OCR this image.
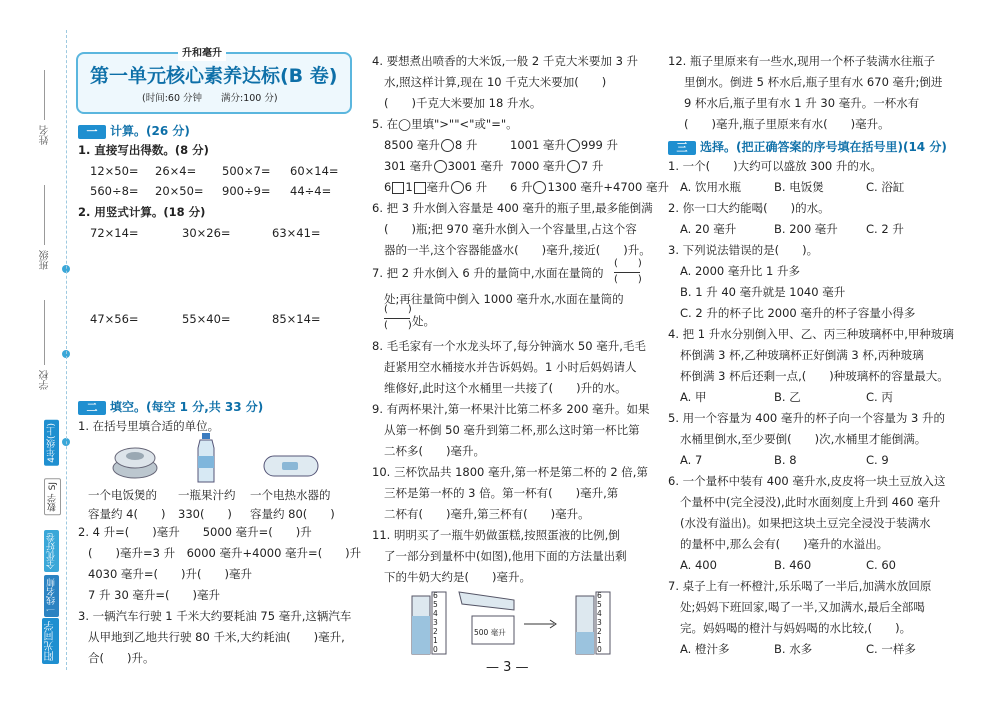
姓名
班级
学校
4年级(上)
数学 SJ
全优好卷
一线名师
阳光同学
升和毫升
第一单元核心素养达标(B 卷)
(时间:60 分钟　　满分:100 分)
一 计算。(26 分)
1. 直接写出得数。(8 分)
12×50= 26×4= 500×7= 60×14=
560÷8= 20×50= 900÷9= 44÷4=
2. 用竖式计算。(18 分)
72×14=	30×26=	63×41=
47×56=	55×40=	85×14=
二 填空。(每空 1 分,共 33 分)
1. 在括号里填合适的单位。
一个电饭煲的
容量约 4(　　)
一瓶果汁约
330(　　)
一个电热水器的
容量约 80(　　)
2. 4 升=(　　)毫升　　5000 毫升=(　　)升
(　　)毫升=3 升　6000 毫升+4000 毫升=(　　)升
4030 毫升=(　　)升(　　)毫升
7 升 30 毫升=(　　)毫升
3. 一辆汽车行驶 1 千米大约要耗油 75 毫升,这辆汽车
从甲地到乙地共行驶 80 千米,大约耗油(　　)毫升,
合(　　)升。
4. 要想煮出喷香的大米饭,一般 2 千克大米要加 3 升
水,照这样计算,现在 10 千克大米要加(　　)
(　　)千克大米要加 18 升水。
5. 在◯里填">""<"或"="。
8500 毫升 8 升	1001 毫升 999 升
301 毫升 3001 毫升 7000 毫升 7 升
6 1 毫升 6 升 6 升 1300 毫升+4700 毫升
6. 把 3 升水倒入容量是 400 毫升的瓶子里,最多能倒满
(　　)瓶;把 970 毫升水倒入一个容量里,占这个容
器的一半,这个容器能盛水(　　)毫升,接近(　　)升。
7. 把 2 升水倒入 6 升的量筒中,水面在量筒的
(　　)
(　　)
处;再往量筒中倒入 1000 毫升水,水面在量筒的
(　　)
(　　) 处。
8. 毛毛家有一个水龙头坏了,每分钟滴水 50 毫升,毛毛
赶紧用空水桶接水并告诉妈妈。1 小时后妈妈请人
维修好,此时这个水桶里一共接了(　　)升的水。
9. 有两杯果汁,第一杯果汁比第二杯多 200 毫升。如果
从第一杯倒 50 毫升到第二杯,那么这时第一杯比第
二杯多(　　)毫升。
10. 三杯饮品共 1800 毫升,第一杯是第二杯的 2 倍,第
三杯是第一杯的 3 倍。第一杯有(　　)毫升,第
二杯有(　　)毫升,第三杯有(　　)毫升。
11. 明明买了一瓶牛奶做蛋糕,按照蛋液的比例,倒
了一部分到量杯中(如图),他用下面的方法量出剩
下的牛奶大约是(　　)毫升。
6
5
4
3
2
1
0
6
5
4
3
2
1
0
500 毫升
— 3 —
12. 瓶子里原来有一些水,现用一个杯子装满水往瓶子
里倒水。倒进 5 杯水后,瓶子里有水 670 毫升;倒进
9 杯水后,瓶子里有水 1 升 30 毫升。一杯水有
(　　)毫升,瓶子里原来有水(　　)毫升。
三 选择。(把正确答案的序号填在括号里)(14 分)
1. 一个(　　)大约可以盛放 300 升的水。
A. 饮用水瓶	B. 电饭煲	C. 浴缸
2. 你一口大约能喝(　　)的水。
A. 20 毫升	B. 200 毫升 C. 2 升
3. 下列说法错误的是(　　)。
A. 2000 毫升比 1 升多
B. 1 升 40 毫升就是 1040 毫升
C. 2 升的杯子比 2000 毫升的杯子容量小得多
4. 把 1 升水分别倒入甲、乙、丙三种玻璃杯中,甲种玻璃
杯倒满 3 杯,乙种玻璃杯正好倒满 3 杯,丙种玻璃
杯倒满 3 杯后还剩一点,(　　)种玻璃杯的容量最大。
A. 甲	B. 乙	C. 丙
5. 用一个容量为 400 毫升的杯子向一个容量为 3 升的
水桶里倒水,至少要倒(　　)次,水桶里才能倒满。
A. 7	B. 8	C. 9
6. 一个量杯中装有 400 毫升水,皮皮将一块土豆放入这
个量杯中(完全浸没),此时水面刻度上升到 460 毫升
(水没有溢出)。如果把这块土豆完全浸没于装满水
的量杯中,那么会有(　　)毫升的水溢出。
A. 400	B. 460	C. 60
7. 桌子上有一杯橙汁,乐乐喝了一半后,加满水放回原
处;妈妈下班回家,喝了一半,又加满水,最后全部喝
完。妈妈喝的橙汁与妈妈喝的水比较,(　　)。
A. 橙汁多	B. 水多	C. 一样多
